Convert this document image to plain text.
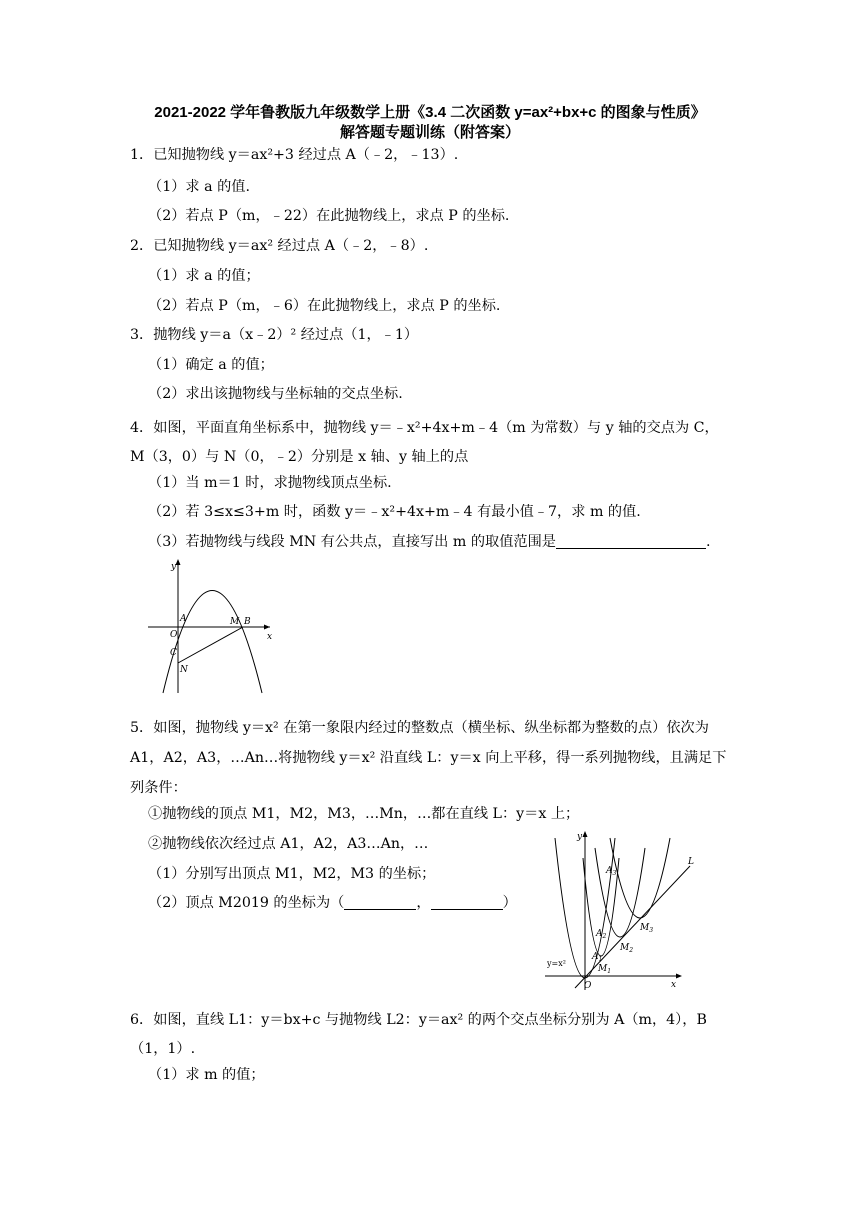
2021-2022 学年鲁教版九年级数学上册《3.4 二次函数 y=ax²+bx+c 的图象与性质》
解答题专题训练（附答案）
1．已知抛物线 y＝ax²+3 经过点 A（﹣2，﹣13）.
（1）求 a 的值.
（2）若点 P（m，﹣22）在此抛物线上，求点 P 的坐标.
2．已知抛物线 y＝ax² 经过点 A（﹣2，﹣8）.
（1）求 a 的值；
（2）若点 P（m，﹣6）在此抛物线上，求点 P 的坐标.
3．抛物线 y＝a（x﹣2）² 经过点（1，﹣1）
（1）确定 a 的值；
（2）求出该抛物线与坐标轴的交点坐标.
4．如图，平面直角坐标系中，抛物线 y＝﹣x²+4x+m﹣4（m 为常数）与 y 轴的交点为 C，M（3，0）与 N（0，﹣2）分别是 x 轴、y 轴上的点
（1）当 m＝1 时，求抛物线顶点坐标.
（2）若 3≤x≤3+m 时，函数 y＝﹣x²+4x+m﹣4 有最小值﹣7，求 m 的值.
（3）若抛物线与线段 MN 有公共点，直接写出 m 的取值范围是	.
y
x
O
A
C
N
M B
5．如图，抛物线 y＝x² 在第一象限内经过的整数点（横坐标、纵坐标都为整数的点）依次为 A1，A2，A3，…An…将抛物线 y＝x² 沿直线 L：y＝x 向上平移，得一系列抛物线，且满足下列条件：
①抛物线的顶点 M1，M2，M3，…Mn，…都在直线 L：y＝x 上；
②抛物线依次经过点 A1，A2，A3…An，…
（1）分别写出顶点 M1，M2，M3 的坐标；
（2）顶点 M2019 的坐标为（	，	）
y
x
O
L
y=x²
$A_1$
$A_2$
$A_3$
$M_1$
$M_2$
$M_3$
6．如图，直线 L1：y＝bx+c 与抛物线 L2：y＝ax² 的两个交点坐标分别为 A（m，4），B（1，1）.
（1）求 m 的值；
